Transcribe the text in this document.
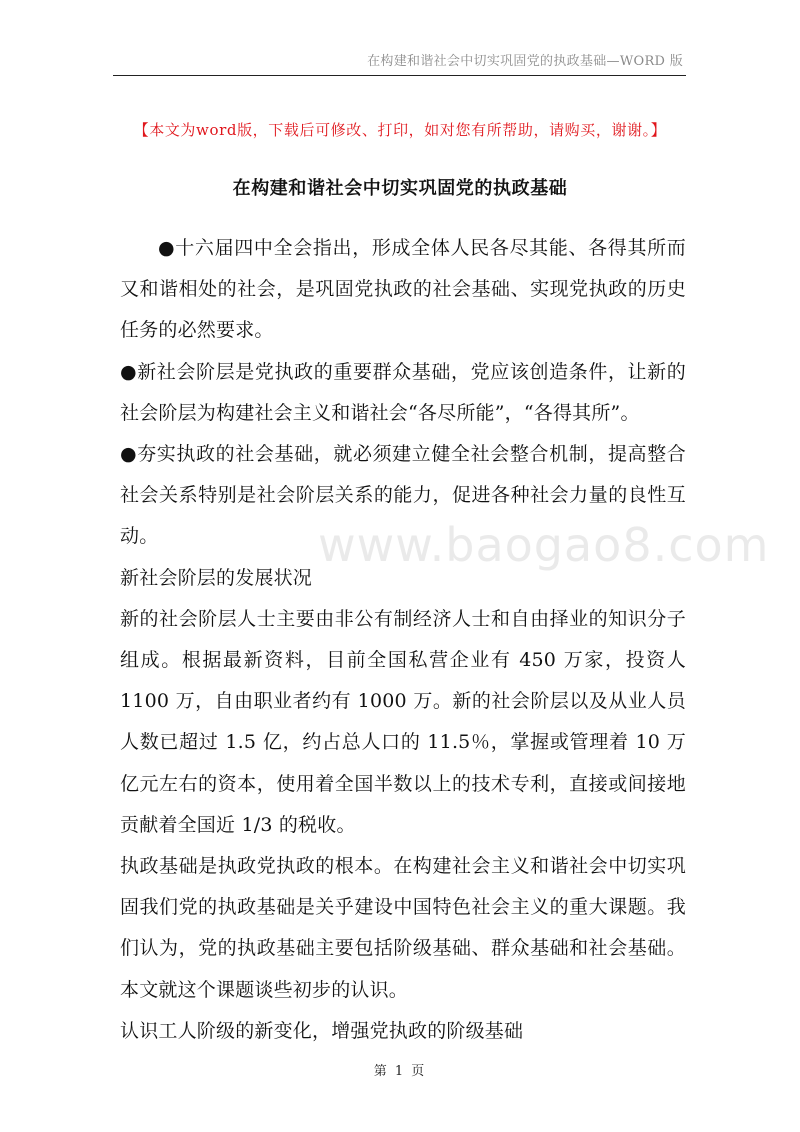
在构建和谐社会中切实巩固党的执政基础—WORD 版
【本文为word版，下载后可修改、打印，如对您有所帮助，请购买，谢谢。】
在构建和谐社会中切实巩固党的执政基础
www.baogao8.com

●十六届四中全会指出，形成全体人民各尽其能、各得其所而又和谐相处的社会，是巩固党执政的社会基础、实现党执政的历史任务的必然要求。

●新社会阶层是党执政的重要群众基础，党应该创造条件，让新的社会阶层为构建社会主义和谐社会“各尽所能”，“各得其所”。

●夯实执政的社会基础，就必须建立健全社会整合机制，提高整合社会关系特别是社会阶层关系的能力，促进各种社会力量的良性互动。

新社会阶层的发展状况

新的社会阶层人士主要由非公有制经济人士和自由择业的知识分子组成。根据最新资料，目前全国私营企业有 450 万家，投资人 1100 万，自由职业者约有 1000 万。新的社会阶层以及从业人员人数已超过 1.5 亿，约占总人口的 11.5％，掌握或管理着 10 万亿元左右的资本，使用着全国半数以上的技术专利，直接或间接地贡献着全国近 1/3 的税收。

执政基础是执政党执政的根本。在构建社会主义和谐社会中切实巩固我们党的执政基础是关乎建设中国特色社会主义的重大课题。我们认为，党的执政基础主要包括阶级基础、群众基础和社会基础。本文就这个课题谈些初步的认识。

认识工人阶级的新变化，增强党执政的阶级基础

第 1 页
